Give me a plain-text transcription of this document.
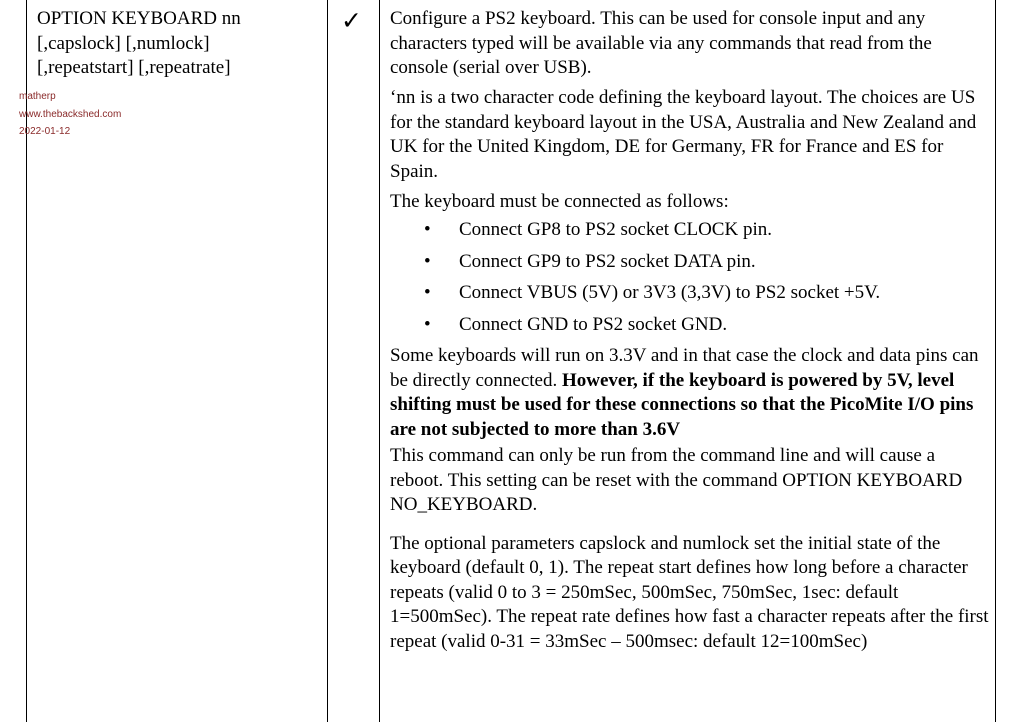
OPTION KEYBOARD nn
[,capslock] [,numlock]
[,repeatstart] [,repeatrate]
matherp
www.thebackshed.com
2022-01-12
✓ Configure a PS2 keyboard. This can be used for console input and any characters typed will be available via any commands that read from the console (serial over USB).

‘nn is a two character code defining the keyboard layout. The choices are US for the standard keyboard layout in the USA, Australia and New Zealand and UK for the United Kingdom, DE for Germany, FR for France and ES for Spain.

The keyboard must be connected as follows:

• Connect GP8 to PS2 socket CLOCK pin.
• Connect GP9 to PS2 socket DATA pin.
• Connect VBUS (5V) or 3V3 (3,3V) to PS2 socket +5V.
• Connect GND to PS2 socket GND.

Some keyboards will run on 3.3V and in that case the clock and data pins can be directly connected. However, if the keyboard is powered by 5V, level shifting must be used for these connections so that the PicoMite I/O pins are not subjected to more than 3.6V

This command can only be run from the command line and will cause a reboot. This setting can be reset with the command OPTION KEYBOARD NO_KEYBOARD.

The optional parameters capslock and numlock set the initial state of the keyboard (default 0, 1). The repeat start defines how long before a character repeats (valid 0 to 3 = 250mSec, 500mSec, 750mSec, 1sec: default 1=500mSec). The repeat rate defines how fast a character repeats after the first repeat (valid 0-31 = 33mSec – 500msec: default 12=100mSec)
